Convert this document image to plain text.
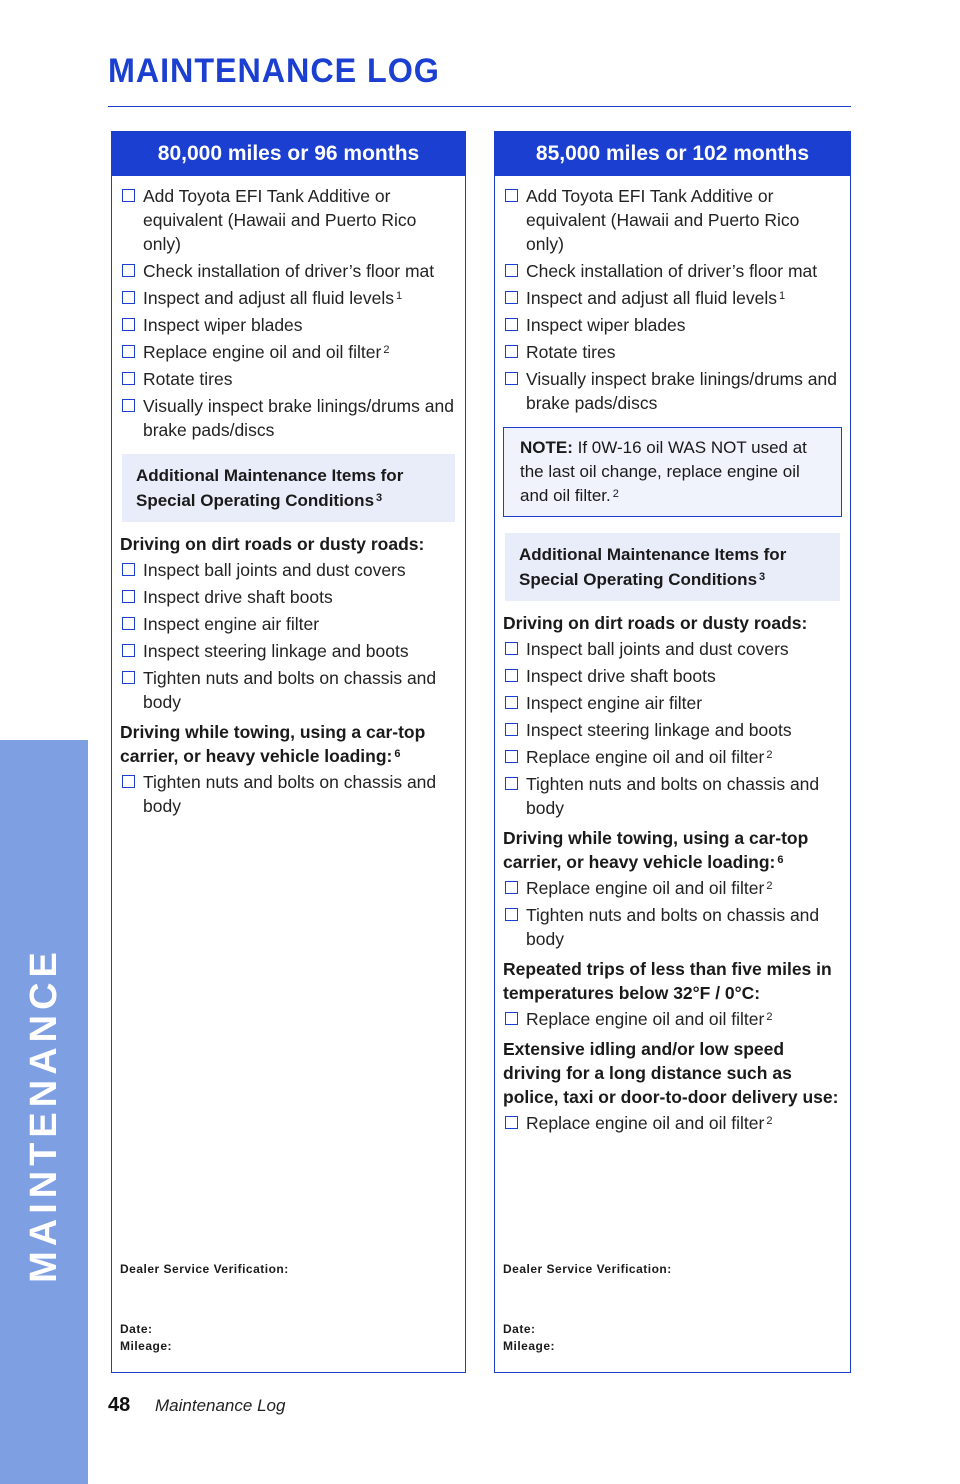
MAINTENANCE
MAINTENANCE LOG
80,000 miles or 96 months
Add Toyota EFI Tank Additive or equivalent (Hawaii and Puerto Rico only)
Check installation of driver’s floor mat
Inspect and adjust all fluid levels $^1$
Inspect wiper blades
Replace engine oil and oil filter $^2$
Rotate tires
Visually inspect brake linings/drums and brake pads/discs
Additional Maintenance Items for Special Operating Conditions $^3$
Driving on dirt roads or dusty roads:
Inspect ball joints and dust covers
Inspect drive shaft boots
Inspect engine air filter
Inspect steering linkage and boots
Tighten nuts and bolts on chassis and body
Driving while towing, using a car-top carrier, or heavy vehicle loading: $^6$
Tighten nuts and bolts on chassis and body
Dealer Service Verification:
Date:
Mileage:
85,000 miles or 102 months
Add Toyota EFI Tank Additive or equivalent (Hawaii and Puerto Rico only)
Check installation of driver’s floor mat
Inspect and adjust all fluid levels $^1$
Inspect wiper blades
Rotate tires
Visually inspect brake linings/drums and brake pads/discs
NOTE: If 0W-16 oil WAS NOT used at the last oil change, replace engine oil and oil filter. $^2$
Additional Maintenance Items for Special Operating Conditions $^3$
Driving on dirt roads or dusty roads:
Inspect ball joints and dust covers
Inspect drive shaft boots
Inspect engine air filter
Inspect steering linkage and boots
Replace engine oil and oil filter $^2$
Tighten nuts and bolts on chassis and body
Driving while towing, using a car-top carrier, or heavy vehicle loading: $^6$
Replace engine oil and oil filter $^2$
Tighten nuts and bolts on chassis and body
Repeated trips of less than five miles in temperatures below 32°F / 0°C:
Replace engine oil and oil filter $^2$
Extensive idling and/or low speed driving for a long distance such as police, taxi or door-to-door delivery use:
Replace engine oil and oil filter $^2$
Dealer Service Verification:
Date:
Mileage:
48 Maintenance Log
